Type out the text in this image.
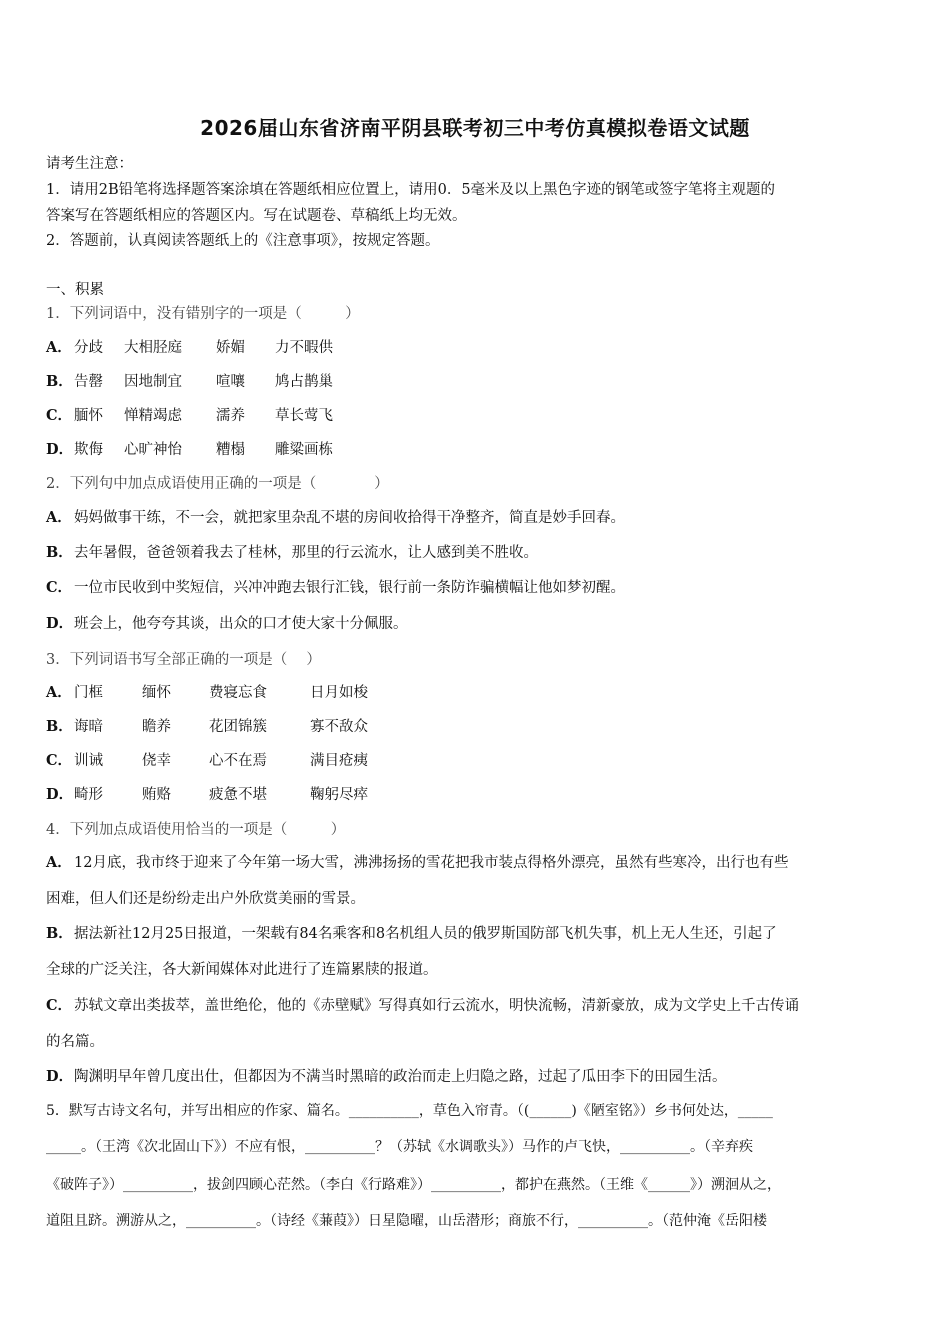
2026届山东省济南平阴县联考初三中考仿真模拟卷语文试题
请考生注意：
1．请用2B铅笔将选择题答案涂填在答题纸相应位置上，请用0．5毫米及以上黑色字迹的钢笔或签字笔将主观题的
答案写在答题纸相应的答题区内。写在试题卷、草稿纸上均无效。
2．答题前，认真阅读答题纸上的《注意事项》，按规定答题。
一、积累
1．下列词语中，没有错别字的一项是（　　　）
A． 分歧 大相胫庭 娇媚 力不暇供
B．告罄 因地制宜 喧嚷 鸠占鹊巢
C． 腼怀 惮精竭虑 濡养 草长莺飞
D．欺侮 心旷神怡 糟榻 雕粱画栋
2．下列句中加点成语使用正确的一项是（　　　　）
A． 妈妈做事干练，不一会，就把家里杂乱不堪的房间收拾得干净整齐，简直是妙手回春。
B．去年暑假，爸爸领着我去了桂林，那里的行云流水，让人感到美不胜收。
C． 一位市民收到中奖短信，兴冲冲跑去银行汇钱，银行前一条防诈骗横幅让他如梦初醒。
D．班会上，他夸夸其谈，出众的口才使大家十分佩服。
3．下列词语书写全部正确的一项是（　 ）
A． 门框	缅怀	费寝忘食	日月如梭
B．诲暗	瞻养	花团锦簇	寡不敌众
C． 训诫	侥幸	心不在焉	满目疮痍
D．畸形	贿赂	疲惫不堪	鞠躬尽瘁
4．下列加点成语使用恰当的一项是（　　　）
A． 12月底，我市终于迎来了今年第一场大雪，沸沸扬扬的雪花把我市装点得格外漂亮，虽然有些寒冷，出行也有些
困难，但人们还是纷纷走出户外欣赏美丽的雪景。
B．据法新社12月25日报道，一架载有84名乘客和8名机组人员的俄罗斯国防部飞机失事，机上无人生还，引起了
全球的广泛关注，各大新闻媒体对此进行了连篇累牍的报道。
C． 苏轼文章出类拔萃，盖世绝伦，他的《赤壁赋》写得真如行云流水，明快流畅，清新豪放，成为文学史上千古传诵
的名篇。
D．陶渊明早年曾几度出仕，但都因为不满当时黑暗的政治而走上归隐之路，过起了瓜田李下的田园生活。
5．默写古诗文名句，并写出相应的作家、篇名。__________，草色入帘青。（(______)《陋室铭》）乡书何处达，_____
_____。（王湾《次北固山下》）不应有恨，__________？（苏轼《水调歌头》）马作的卢飞快，__________。（辛弃疾
《破阵子》）__________，拔剑四顾心茫然。（李白《行路难》）__________，都护在燕然。（王维《______》）溯洄从之，
道阻且跻。溯游从之，__________。（诗经《蒹葭》）日星隐曜，山岳潜形；商旅不行，__________。（范仲淹《岳阳楼
